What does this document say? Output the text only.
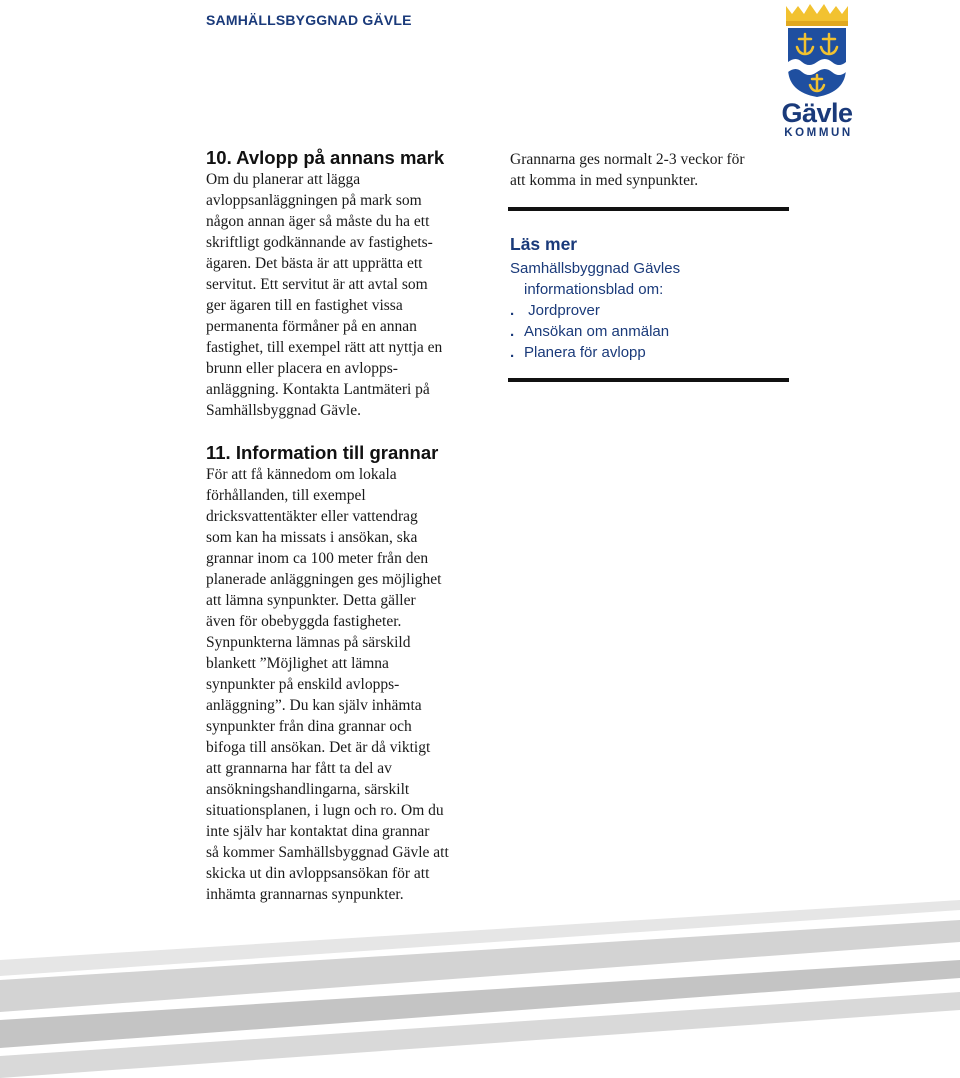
SAMHÄLLSBYGGNAD GÄVLE
Gävle
KOMMUN
10. Avlopp på annans mark

Om du planerar att lägga
avloppsanläggningen på mark som
någon annan äger så måste du ha ett
skriftligt godkännande av fastighets-
ägaren. Det bästa är att upprätta ett
servitut. Ett servitut är att avtal som
ger ägaren till en fastighet vissa
permanenta förmåner på en annan
fastighet, till exempel rätt att nyttja en
brunn eller placera en avlopps-
anläggning. Kontakta Lantmäteri på
Samhällsbyggnad Gävle.

11. Information till grannar

För att få kännedom om lokala
förhållanden, till exempel
dricksvattentäkter eller vattendrag
som kan ha missats i ansökan, ska
grannar inom ca 100 meter från den
planerade anläggningen ges möjlighet
att lämna synpunkter. Detta gäller
även för obebyggda fastigheter.
Synpunkterna lämnas på särskild
blankett ”Möjlighet att lämna
synpunkter på enskild avlopps-
anläggning”. Du kan själv inhämta
synpunkter från dina grannar och
bifoga till ansökan. Det är då viktigt
att grannarna har fått ta del av
ansökningshandlingarna, särskilt
situationsplanen, i lugn och ro. Om du
inte själv har kontaktat dina grannar
så kommer Samhällsbyggnad Gävle att
skicka ut din avloppsansökan för att
inhämta grannarnas synpunkter.

Grannarna ges normalt 2-3 veckor för
att komma in med synpunkter.

Läs mer
Samhällsbyggnad Gävles
informationsblad om:
. Jordprover
. Ansökan om anmälan
. Planera för avlopp
